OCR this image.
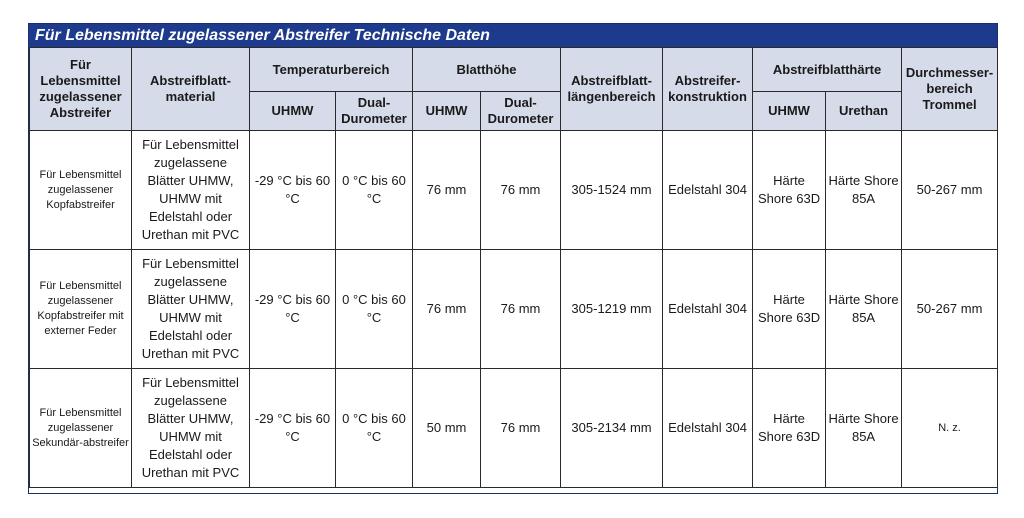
Für Lebensmittel zugelassener Abstreifer Technische Daten
Für Lebensmittel zugelassener Abstreifer	Abstreifblatt-material	Temperaturbereich		Blatthöhe		Abstreifblatt-längenbereich	Abstreifer-konstruktion	Abstreifblatthärte		Durchmesser-bereich Trommel
		UHMW	Dual-Durometer	UHMW	Dual-Durometer			UHMW	Urethan	
Für Lebensmittel zugelassener Kopfabstreifer	Für Lebensmittel zugelassene Blätter UHMW, UHMW mit Edelstahl oder Urethan mit PVC	-29 °C bis 60 °C	0 °C bis 60 °C	76 mm	76 mm	305-1524 mm	Edelstahl 304	Härte Shore 63D	Härte Shore 85A	50-267 mm
Für Lebensmittel zugelassener Kopfabstreifer mit externer Feder	Für Lebensmittel zugelassene Blätter UHMW, UHMW mit Edelstahl oder Urethan mit PVC	-29 °C bis 60 °C	0 °C bis 60 °C	76 mm	76 mm	305-1219 mm	Edelstahl 304	Härte Shore 63D	Härte Shore 85A	50-267 mm
Für Lebensmittel zugelassener Sekundär-abstreifer	Für Lebensmittel zugelassene Blätter UHMW, UHMW mit Edelstahl oder Urethan mit PVC	-29 °C bis 60 °C	0 °C bis 60 °C	50 mm	76 mm	305-2134 mm	Edelstahl 304	Härte Shore 63D	Härte Shore 85A	N. z.
